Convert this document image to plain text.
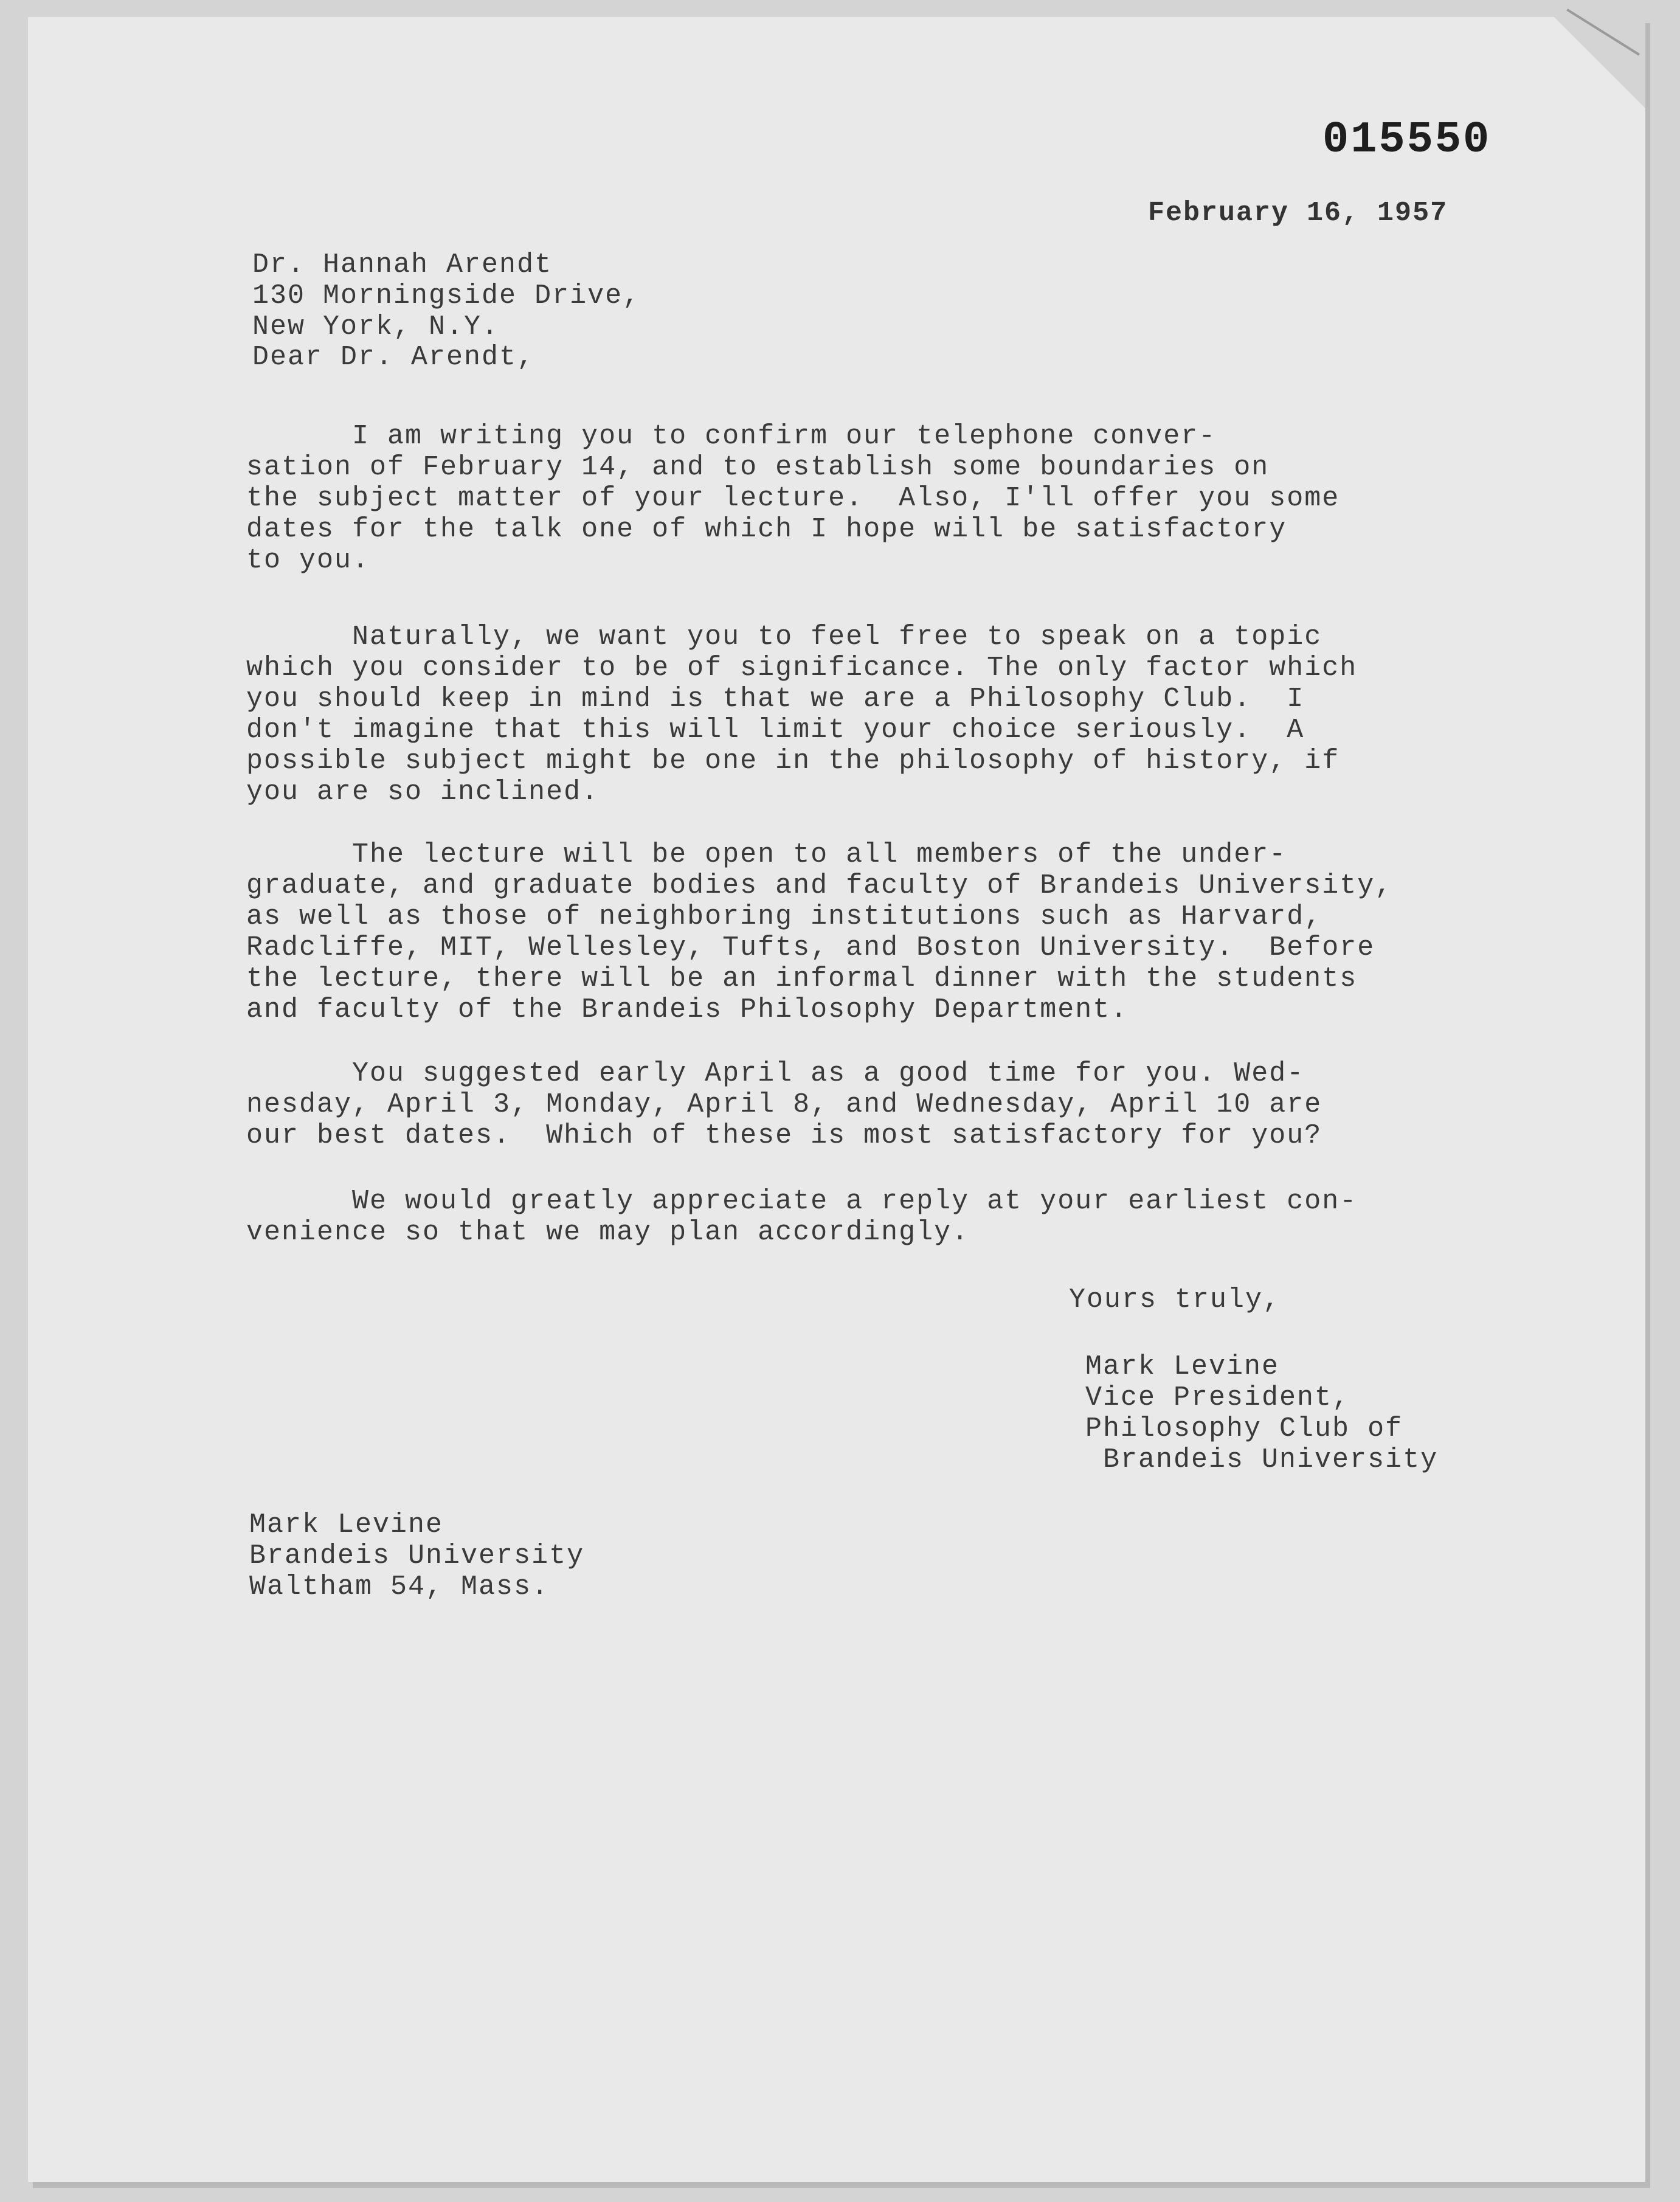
015550
February 16, 1957
Dr. Hannah Arendt
130 Morningside Drive,
New York, N.Y.
Dear Dr. Arendt,
I am writing you to confirm our telephone conver-
sation of February 14, and to establish some boundaries on
the subject matter of your lecture.  Also, I'll offer you some
dates for the talk one of which I hope will be satisfactory
to you.
Naturally, we want you to feel free to speak on a topic
which you consider to be of significance. The only factor which
you should keep in mind is that we are a Philosophy Club.  I
don't imagine that this will limit your choice seriously.  A
possible subject might be one in the philosophy of history, if
you are so inclined.
The lecture will be open to all members of the under-
graduate, and graduate bodies and faculty of Brandeis University,
as well as those of neighboring institutions such as Harvard,
Radcliffe, MIT, Wellesley, Tufts, and Boston University.  Before
the lecture, there will be an informal dinner with the students
and faculty of the Brandeis Philosophy Department.
You suggested early April as a good time for you. Wed-
nesday, April 3, Monday, April 8, and Wednesday, April 10 are
our best dates.  Which of these is most satisfactory for you?
We would greatly appreciate a reply at your earliest con-
venience so that we may plan accordingly.
Yours truly,
Mark Levine
Vice President,
Philosophy Club of
Brandeis University
Mark Levine
Brandeis University
Waltham 54, Mass.
